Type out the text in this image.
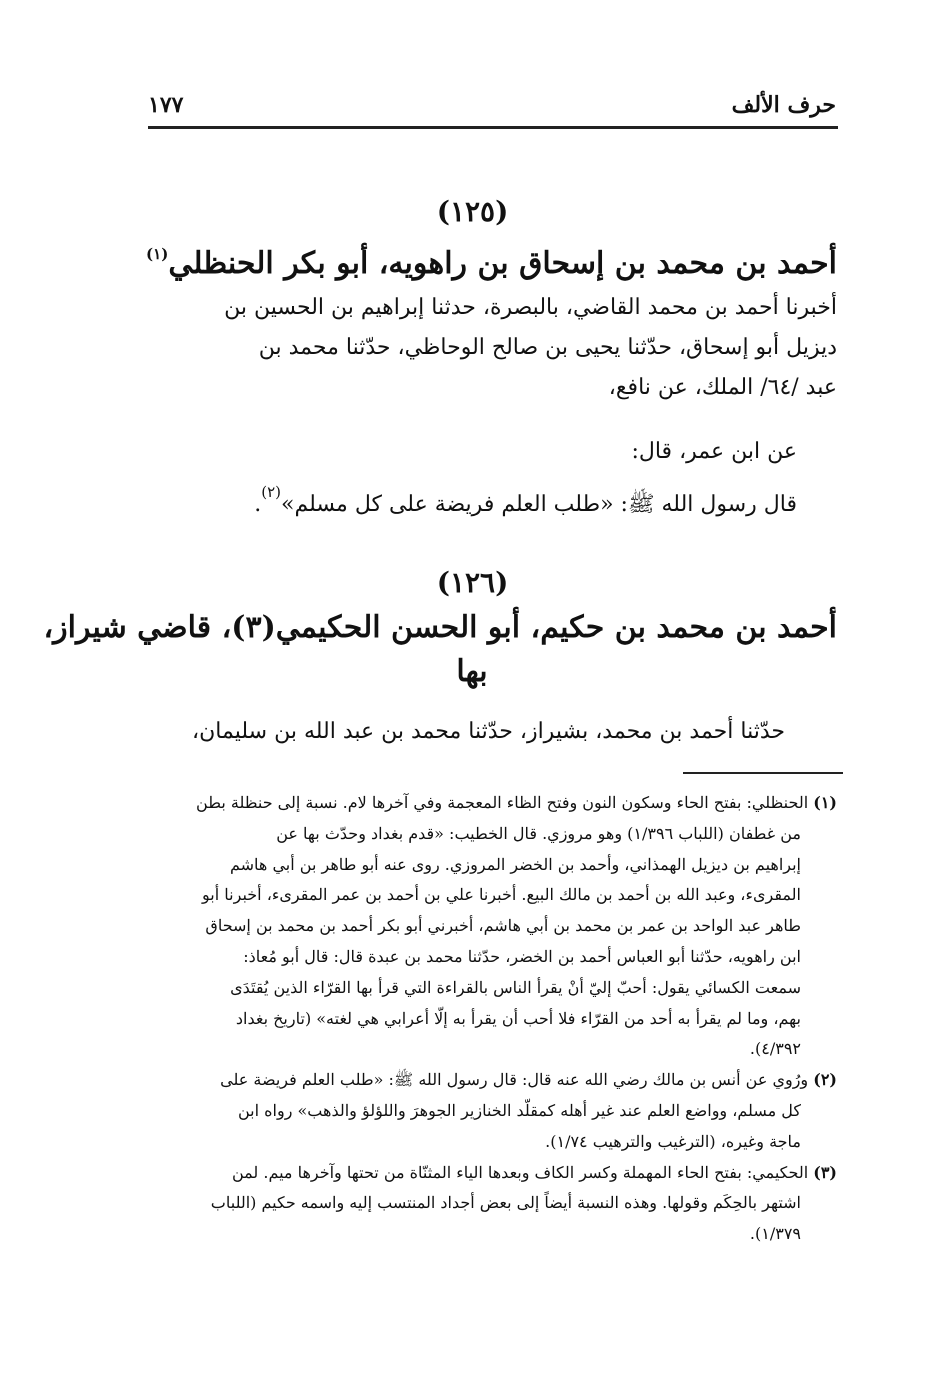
حرف الألف
١٧٧
(١٢٥)
أحمد بن محمد بن إسحاق بن راهويه، أبو بكر الحنظلي$^{(١)}$
أخبرنا أحمد بن محمد القاضي، بالبصرة، حدثنا إبراهيم بن الحسين بن
ديزيل أبو إسحاق، حدّثنا يحيى بن صالح الوحاظي، حدّثنا محمد بن
عبد /٦٤/ الملك، عن نافع،
عن ابن عمر، قال:
قال رسول الله ﷺ: «طلب العلم فريضة على كل مسلم»$^{(٢)}$.
(١٢٦)
أحمد بن محمد بن حكيم، أبو الحسن الحكيمي(٣)، قاضي شيراز،
بها
حدّثنا أحمد بن محمد، بشيراز، حدّثنا محمد بن عبد الله بن سليمان،
(١) الحنظلي: بفتح الحاء وسكون النون وفتح الظاء المعجمة وفي آخرها لام. نسبة إلى حنظلة بطن
من غطفان (اللباب ١/٣٩٦) وهو مروزي. قال الخطيب: «قدم بغداد وحدّث بها عن
إبراهيم بن ديزيل الهمذاني، وأحمد بن الخضر المروزي. روى عنه أبو طاهر بن أبي هاشم
المقرىء، وعبد الله بن أحمد بن مالك البيع. أخبرنا علي بن أحمد بن عمر المقرىء، أخبرنا أبو
طاهر عبد الواحد بن عمر بن محمد بن أبي هاشم، أخبرني أبو بكر أحمد بن محمد بن إسحاق
ابن راهويه، حدّثنا أبو العباس أحمد بن الخضر، حدّثنا محمد بن عبدة قال: قال أبو مُعاذ:
سمعت الكسائي يقول: أحبّ إليّ أنْ يقرأ الناس بالقراءة التي قرأ بها القرّاء الذين يُقتَدَى
بهم، وما لم يقرأ به أحد من القرّاء فلا أحب أن يقرأ به إلّا أعرابي هي لغته» (تاريخ بغداد
٤/٣٩٢).
(٢) ورُوي عن أنس بن مالك رضي الله عنه قال: قال رسول الله ﷺ: «طلب العلم فريضة على
كل مسلم، وواضع العلم عند غير أهله كمقلّد الخنازير الجوهرَ واللؤلؤ والذهب» رواه ابن
ماجة وغيره، (الترغيب والترهيب ١/٧٤).
(٣) الحكيمي: بفتح الحاء المهملة وكسر الكاف وبعدها الياء المثنّاة من تحتها وآخرها ميم. لمن
اشتهر بالحِكَم وقولها. وهذه النسبة أيضاً إلى بعض أجداد المنتسب إليه واسمه حكيم (اللباب
١/٣٧٩).
